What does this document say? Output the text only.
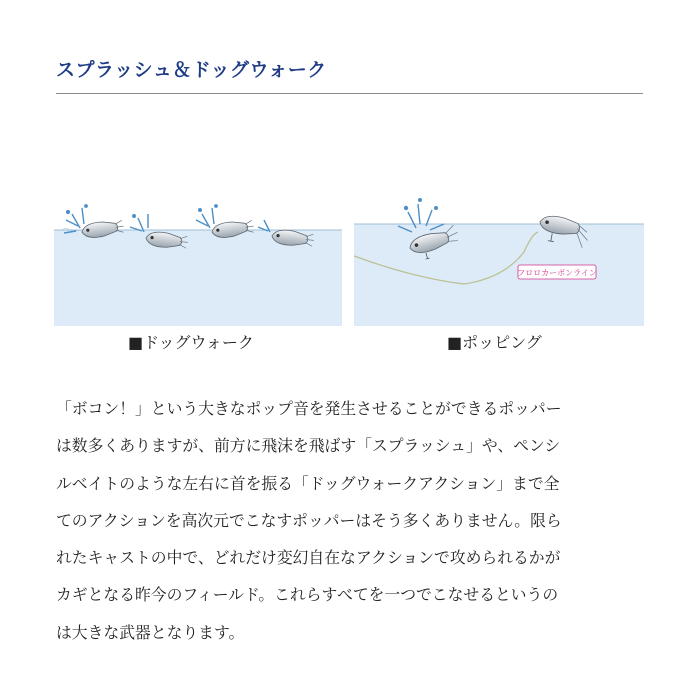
スプラッシュ＆ドッグウォーク
フロロカーボンライン
■ドッグウォーク	■ポッピング
「ボコン！」という大きなポップ音を発生させることができるポッパー
は数多くありますが、前方に飛沫を飛ばす「スプラッシュ」や、ペンシ
ルベイトのような左右に首を振る「ドッグウォークアクション」まで全
てのアクションを高次元でこなすポッパーはそう多くありません。限ら
れたキャストの中で、どれだけ変幻自在なアクションで攻められるかが
カギとなる昨今のフィールド。これらすべてを一つでこなせるというの
は大きな武器となります。
